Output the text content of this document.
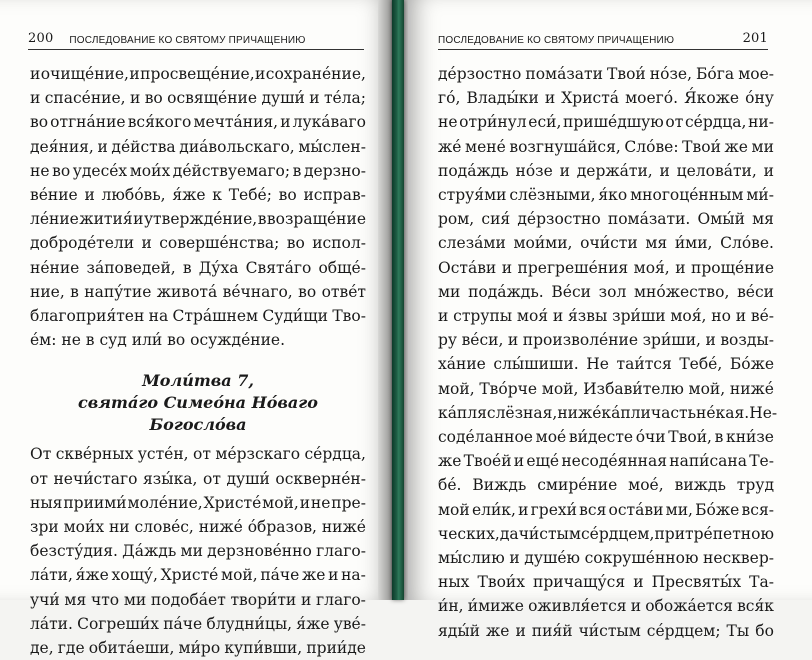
200 ПОСЛЕДОВАНИЕ КО СВЯТОМУ ПРИЧАЩЕНИЮ
и очище́ние, и просвеще́ние, и сохране́ние,
и спасе́ние, и во освяще́ние души́ и те́ла;
во отгна́ние вся́кого мечта́ния, и лука́ваго
дея́ния, и де́йства диа́вольскаго, мы́слен-
не во удесе́х мои́х де́йствуемаго; в дерзно-
ве́ние и любо́вь, я́же к Тебе́; во исправ-
ле́ние жития́ и утвержде́ние, в возраще́ние
доброде́тели и соверше́нства; во испол-
не́ние за́поведей, в Ду́ха Свята́го обще́-
ние, в напу́тие живота́ ве́чнаго, во отве́т
благоприя́тен на Стра́шнем Суди́щи Тво-
е́м: не в суд или́ во осужде́ние.
Моли́тва 7,
свята́го Симео́на Но́ваго Богосло́ва
От скве́рных усте́н, от ме́рзскаго се́рдца,
от нечи́стаго язы́ка, от души́ оскверне́н-
ныя приими́ моле́ние, Христе́ мой, и не пре-
зри мои́х ни слове́с, ниже́ о́бразов, ниже́
безсту́дия. Да́ждь ми дерзнове́нно глаго-
ла́ти, я́же хощу́, Христе́ мой, па́че же и на-
учи́ мя что ми подоба́ет твори́ти и глаго-
ла́ти. Согреши́х па́че блудни́цы, я́же уве́-
де, где обита́еши, ми́ро купи́вши, прии́де
ПОСЛЕДОВАНИЕ КО СВЯТОМУ ПРИЧАЩЕНИЮ	201
де́рзостно пома́зати Твои́ но́зе, Бо́га мое-
го́, Влады́ки и Христа́ моего́. Я́коже о́ну
не отри́нул еси́, прише́дшую от се́рдца, ни-
же́ мене́ возгнуша́йся, Сло́ве: Твои́ же ми
пода́ждь но́зе и держа́ти, и целова́ти, и
струя́ми слёзными, я́ко многоце́нным ми́-
ром, сия́ де́рзостно пома́зати. Омы́й мя
слеза́ми мои́ми, очи́сти мя и́ми, Сло́ве.
Оста́ви и прегреше́ния моя́, и проще́ние
ми пода́ждь. Ве́си зол мно́жество, ве́си
и струпы моя́ и я́звы зри́ши моя́, но и ве́-
ру ве́си, и произволе́ние зри́ши, и возды-
ха́ние слы́шиши. Не таи́тся Тебе́, Бо́же
мой, Тво́рче мой, Избави́телю мой, ниже́
ка́пля слёзная, ниже́ ка́пли часть не́кая. Не-
соде́ланное мое́ ви́десте о́чи Твои́, в кни́зе
же Твое́й и еще́ несоде́янная напи́сана Те-
бе́. Виждь смире́ние мое́, виждь труд
мой ели́к, и грехи́ вся оста́ви ми, Бо́же вся-
ческих, да чи́стым се́рдцем, притре́петною
мы́слию и душе́ю сокруше́нною несквер-
ных Твои́х причащу́ся и Пресвяты́х Та-
и́н, и́миже оживля́ется и обожа́ется вся́к
яды́й же и пия́й чи́стым се́рдцем; Ты бо
